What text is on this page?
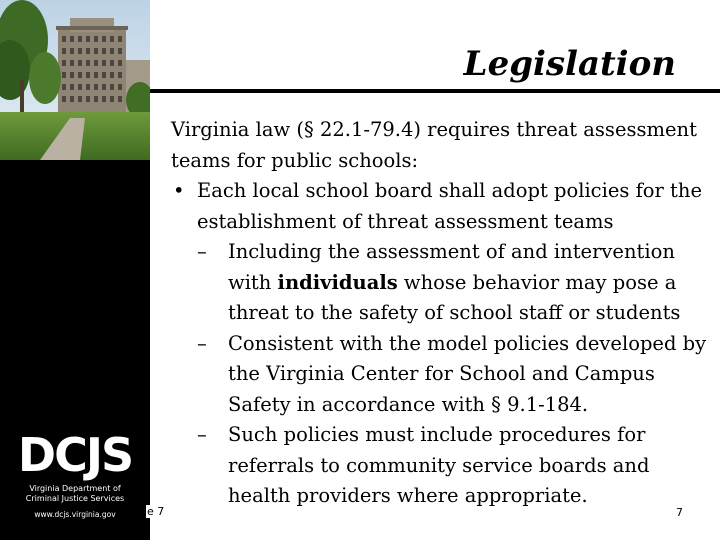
DCJS
Virginia Department of
Criminal Justice Services
www.dcjs.virginia.gov	e 7
Legislation

Virginia law (§ 22.1-79.4) requires threat assessment teams for public schools:

• Each local school board shall adopt policies for the establishment of threat assessment teams

– Including the assessment of and intervention with individuals whose behavior may pose a threat to the safety of school staff or students

– Consistent with the model policies developed by the Virginia Center for School and Campus Safety in accordance with § 9.1-184.

– Such policies must include procedures for referrals to community service boards and health providers where appropriate.

7
